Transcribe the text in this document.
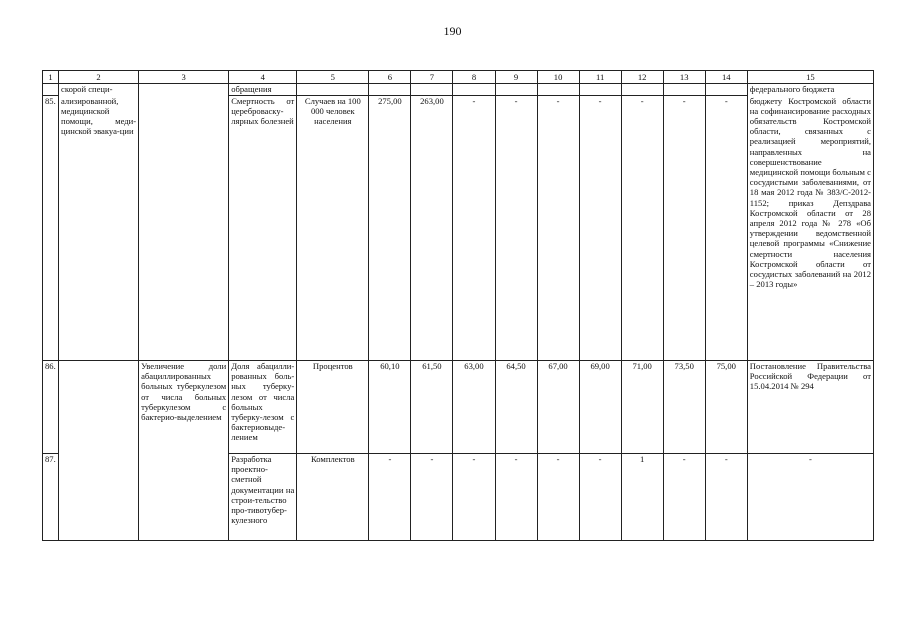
190
1	2	3	4	5	6	7	8	9	10	11	12	13	14	15
	скорой специ-		обращения											федерального бюджета
85.	ализированной, медицинской помощи, меди-цинской эвакуа-ции		Смертность от цереброваску-лярных болезней	Случаев на 100 000 человек населения	275,00	263,00	-	-	-	-	-	-	-	бюджету Костромской области на софинансирование расходных обязательств Костромской области, связанных с реализацией мероприятий, направленных на совершенствование медицинской помощи больным с сосудистыми заболеваниями, от 18 мая 2012 года № 383/С-2012-1152; приказ Депздрава Костромской области от 28 апреля 2012 года № 278 «Об утверждении ведомственной целевой программы «Снижение смертности населения Костромской области от сосудистых заболеваний на 2012 – 2013 годы»
86.		Увеличение доли абациллированных больных туберкулезом от числа больных туберкулезом с бактерио-выделением	Доля абацилли-рованных боль-ных туберку-лезом от числа больных туберку-лезом с бактериовыде-лением	Процентов	60,10	61,50	63,00	64,50	67,00	69,00	71,00	73,50	75,00	Постановление Правительства Российской Федерации от 15.04.2014 № 294
87.			Разработка проектно-сметной документации на строи-тельство про-тивотубер-кулезного	Комплектов	-	-	-	-	-	-	1	-	-	-
